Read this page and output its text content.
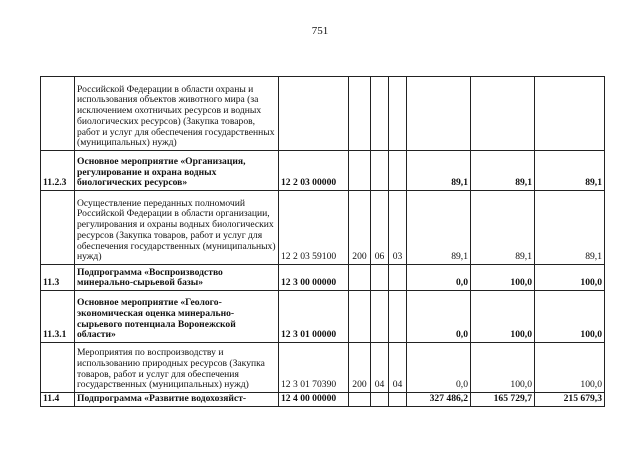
751
	Российской Федерации в области охраны и использования объектов животного мира (за исключением охотничьих ресурсов и водных биологических ресурсов) (Закупка товаров, работ и услуг для обеспечения государственных (муниципальных) нужд)							
11.2.3	Основное мероприятие «Организация, регулирование и охрана водных биологических ресурсов»	12 2 03 00000				89,1	89,1	89,1
	Осуществление переданных полномочий Российской Федерации в области организации, регулирования и охраны водных биологических ресурсов (Закупка товаров, работ и услуг для обеспечения государственных (муниципальных) нужд)	12 2 03 59100	200	06	03	89,1	89,1	89,1
11.3	Подпрограмма «Воспроизводство минерально-сырьевой базы»	12 3 00 00000				0,0	100,0	100,0
11.3.1	Основное мероприятие «Геолого-экономическая оценка минерально-сырьевого потенциала Воронежской области»	12 3 01 00000				0,0	100,0	100,0
	Мероприятия по воспроизводству и использованию природных ресурсов (Закупка товаров, работ и услуг для обеспечения государственных (муниципальных) нужд)	12 3 01 70390	200	04	04	0,0	100,0	100,0
11.4	Подпрограмма «Развитие водохозяйст-	12 4 00 00000				327 486,2	165 729,7	215 679,3
